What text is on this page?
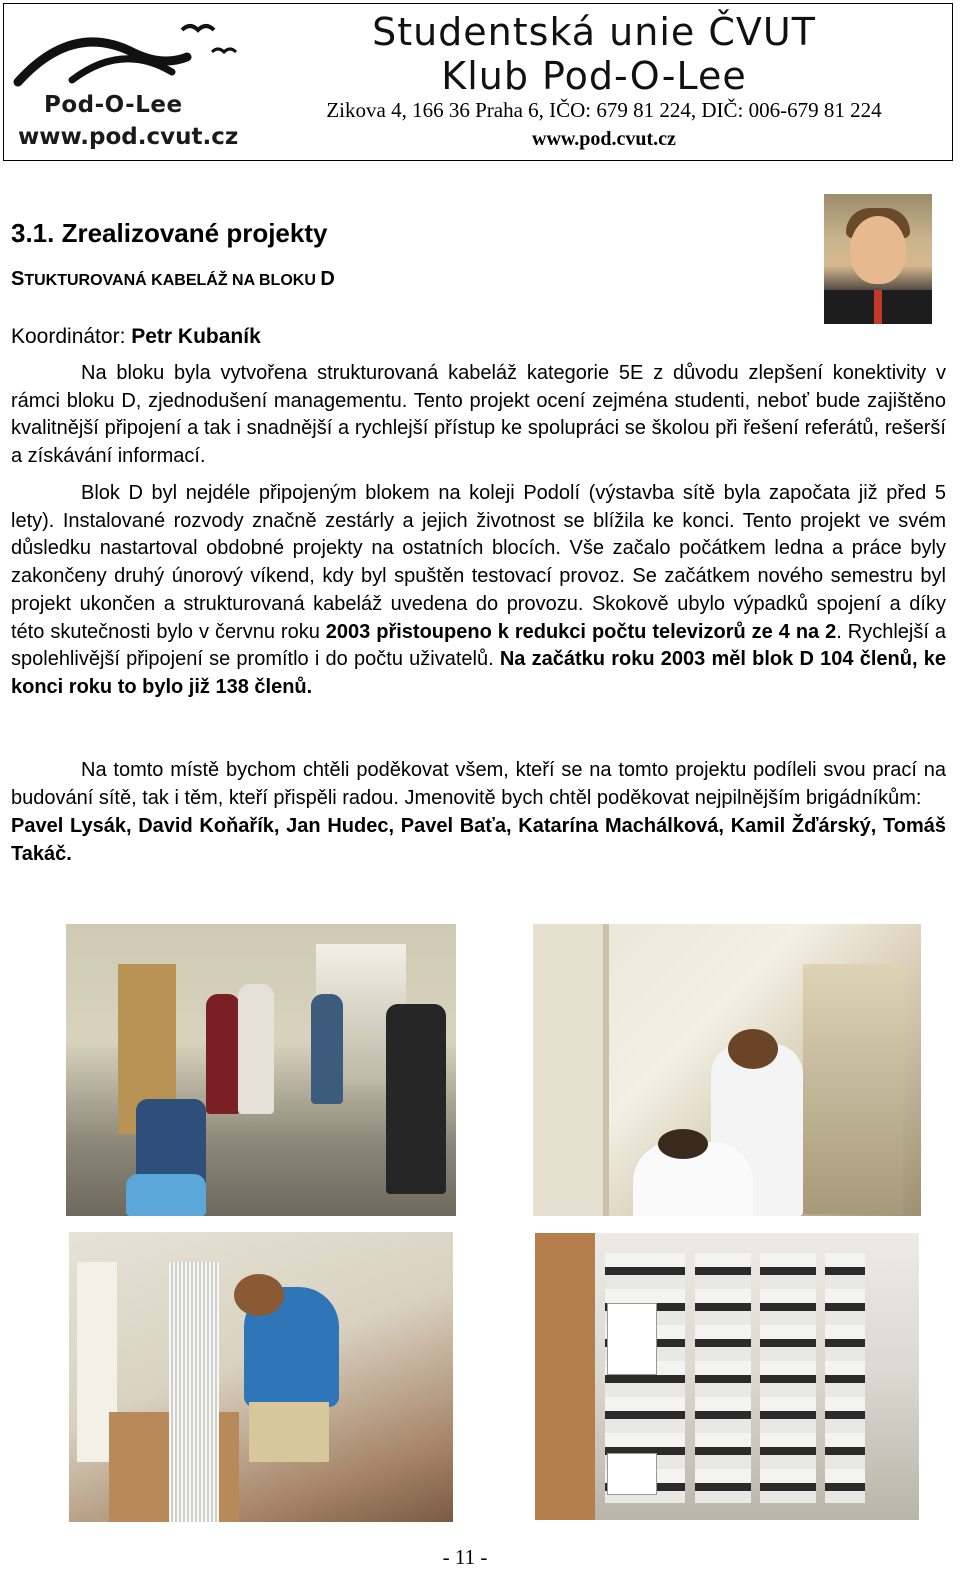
Pod-O-Lee
www.pod.cvut.cz
Studentská unie ČVUT
Klub Pod-O-Lee
Zikova 4, 166 36 Praha 6, IČO: 679 81 224, DIČ: 006-679 81 224
www.pod.cvut.cz
3.1. Zrealizované projekty
STUKTUROVANÁ KABELÁŽ NA BLOKU D
Koordinátor: Petr Kubaník

Na bloku byla vytvořena strukturovaná kabeláž kategorie 5E z důvodu zlepšení konektivity v rámci bloku D, zjednodušení managementu. Tento projekt ocení zejména studenti, neboť bude zajištěno kvalitnější připojení a tak i snadnější a rychlejší přístup ke spolupráci se školou při řešení referátů, rešerší a získávání informací.

Blok D byl nejdéle připojeným blokem na koleji Podolí (výstavba sítě byla započata již před 5 lety). Instalované rozvody značně zestárly a jejich životnost se blížila ke konci. Tento projekt ve svém důsledku nastartoval obdobné projekty na ostatních blocích. Vše začalo počátkem ledna a práce byly zakončeny druhý únorový víkend, kdy byl spuštěn testovací provoz. Se začátkem nového semestru byl projekt ukončen a strukturovaná kabeláž uvedena do provozu. Skokově ubylo výpadků spojení a díky této skutečnosti bylo v červnu roku 2003 přistoupeno k redukci počtu televizorů ze 4 na 2. Rychlejší a spolehlivější připojení se promítlo i do počtu uživatelů. Na začátku roku 2003 měl blok D 104 členů, ke konci roku to bylo již 138 členů.

Na tomto místě bychom chtěli poděkovat všem, kteří se na tomto projektu podíleli svou prací na budování sítě, tak i těm, kteří přispěli radou. Jmenovitě bych chtěl poděkovat nejpilnějším brigádníkům:

Pavel Lysák, David Koňařík, Jan Hudec, Pavel Baťa, Katarína Machálková, Kamil Žďárský, Tomáš Takáč.

- 11 -
